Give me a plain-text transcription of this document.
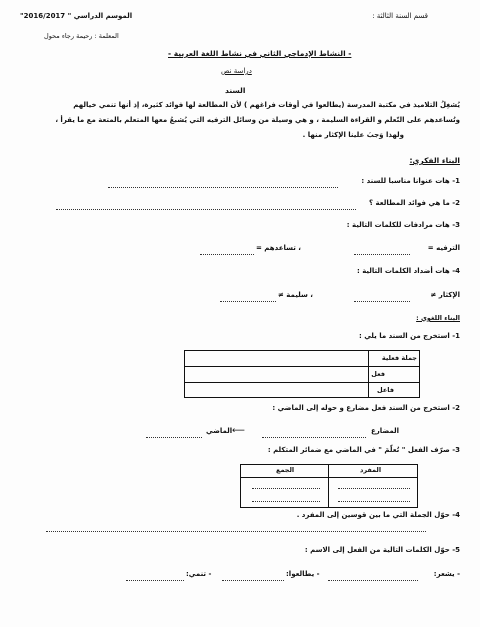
قسم السنة الثالثة :
الموسم الدراسي " 2016/2017"
المعلمة : رحيمة رجاء محول
- النشاط الإدماجي الثاني في نشاط اللغة العربية -
دراسة نص
السند
يُشغِلُ التلاميذ في مكتبة المدرسة (يطالعوا في أوقات فراغهم ) لأن المطالعة لها فوائد كثيرة، إذ أنها تنمي خيالهم
وتُساعدهم على التّعلم و القراءة السليمة ، و هي وسيلة من وسائل الترفيه التي يُشبعُ معها المتعلم بالمتعة مع ما يقرأ ،
ولهذا وَجبَ علينا الإكثار منها .
البناء الفكري:
1- هات عنوانا مناسبا للسند :
2- ما هي فوائد المطالعة ؟
3- هات مرادفات للكلمات التالية :
الترفيه =
، تساعدهم =
4- هات أضداد الكلمات التالية :
الإكثار ≠
، سليمة ≠
البناء اللغوي :
1- استخرج من السند ما يلي :
جملة فعلية
فعل
فاعل
2- استخرج من السند فعل مضارع و حوله إلى الماضي :
المضارع
⟵
الماضي
3- صرّف الفعل " تُعلّمَ " في الماضي مع ضمائر المتكلم :
المفرد
الجمع
4- حوّل الجملة التي ما بين قوسين إلى المفرد .
5- حوّل الكلمات التالية من الفعل إلى الاسم :
- يشعر:
- يطالعوا:
- تنمي:
